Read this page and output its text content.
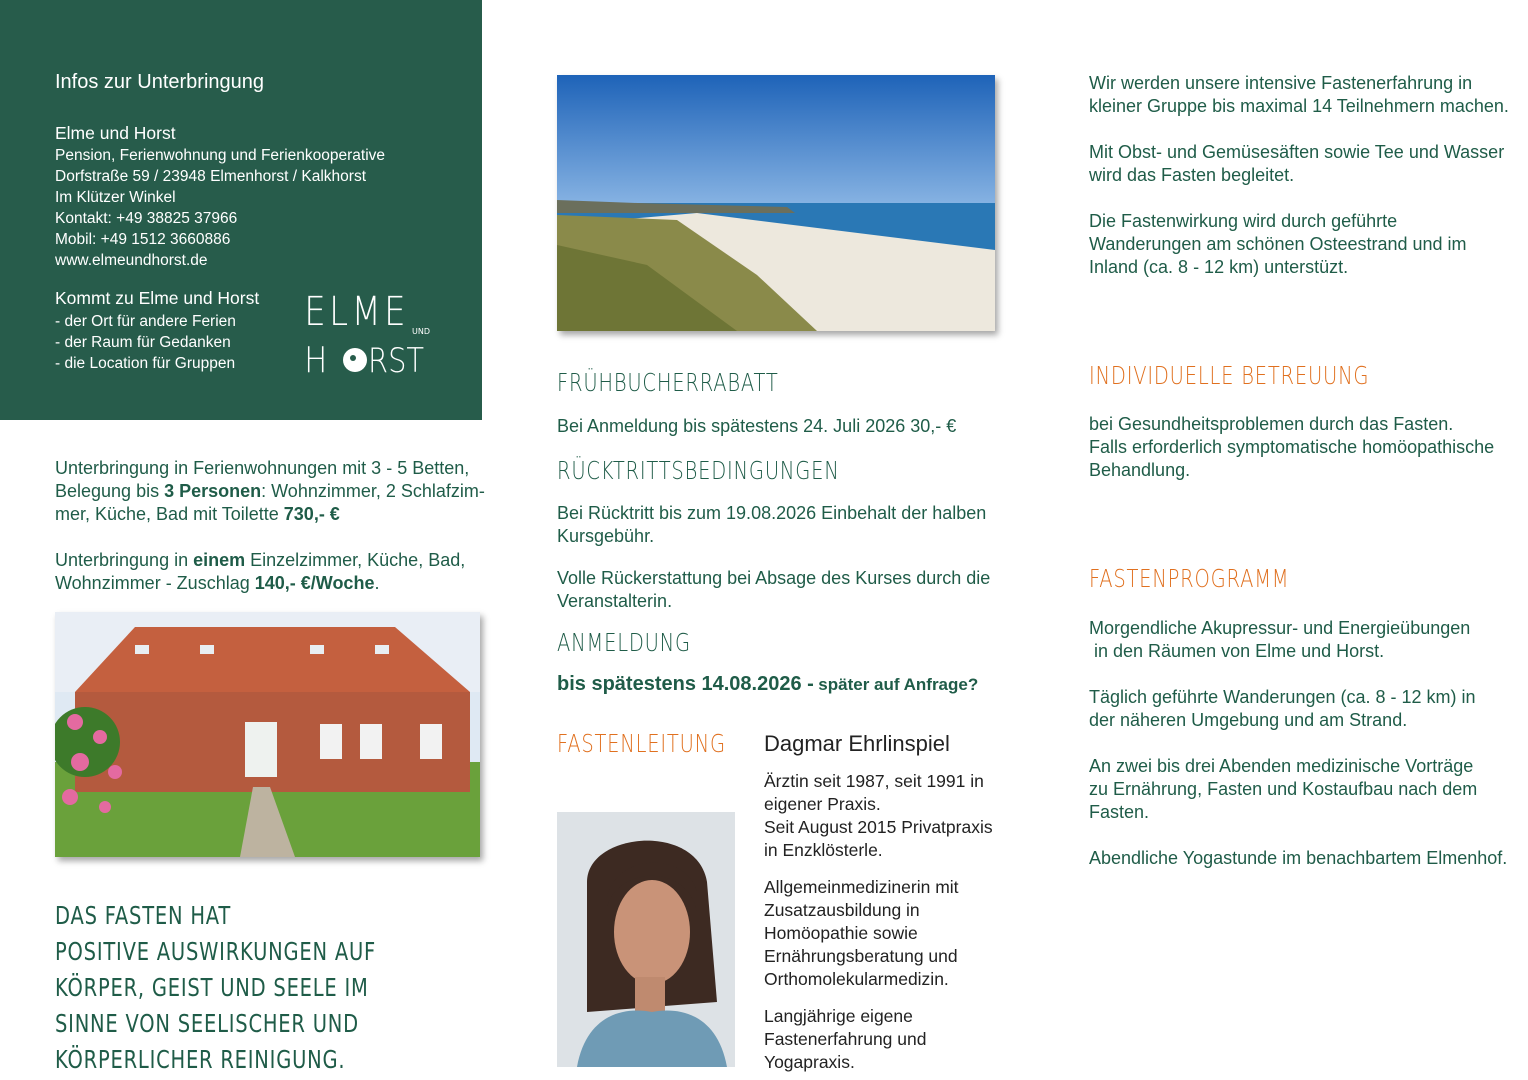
Infos zur Unterbringung
Elme und Horst
Pension, Ferienwohnung und Ferienkooperative
Dorfstraße 59 / 23948 Elmenhorst / Kalkhorst
Im Klützer Winkel
Kontakt: +49 38825 37966
Mobil: +49 1512 3660886
www.elmeundhorst.de
Kommt zu Elme und Horst
- der Ort für andere Ferien
- der Raum für Gedanken
- die Location für Gruppen
ELME UND
H RST
Unterbringung in Ferienwohnungen mit 3 - 5 Betten,
Belegung bis 3 Personen: Wohnzimmer, 2 Schlafzim-
mer, Küche, Bad mit Toilette 730,- €
Unterbringung in einem Einzelzimmer, Küche, Bad,
Wohnzimmer - Zuschlag 140,- €/Woche.
DAS FASTEN HAT
POSITIVE AUSWIRKUNGEN AUF
KÖRPER, GEIST UND SEELE IM
SINNE VON SEELISCHER UND
KÖRPERLICHER REINIGUNG.
FRÜHBUCHERRABATT
Bei Anmeldung bis spätestens 24. Juli 2026 30,- €
RÜCKTRITTSBEDINGUNGEN
Bei Rücktritt bis zum 19.08.2026 Einbehalt der halben
Kursgebühr.
Volle Rückerstattung bei Absage des Kurses durch die
Veranstalterin.
ANMELDUNG
bis spätestens 14.08.2026 - später auf Anfrage?
FASTENLEITUNG Dagmar Ehrlinspiel
Ärztin seit 1987, seit 1991 in
eigener Praxis.
Seit August 2015 Privatpraxis
in Enzklösterle.
Allgemeinmedizinerin mit
Zusatzausbildung in
Homöopathie sowie
Ernährungsberatung und
Orthomolekularmedizin.
Langjährige eigene
Fastenerfahrung und
Yogapraxis.
Wir werden unsere intensive Fastenerfahrung in
kleiner Gruppe bis maximal 14 Teilnehmern machen.
Mit Obst- und Gemüsesäften sowie Tee und Wasser
wird das Fasten begleitet.
Die Fastenwirkung wird durch geführte
Wanderungen am schönen Osteestrand und im
Inland (ca. 8 - 12 km) unterstüzt.
INDIVIDUELLE BETREUUNG
bei Gesundheitsproblemen durch das Fasten.
Falls erforderlich symptomatische homöopathische
Behandlung.
FASTENPROGRAMM
Morgendliche Akupressur- und Energieübungen
in den Räumen von Elme und Horst.
Täglich geführte Wanderungen (ca. 8 - 12 km) in
der näheren Umgebung und am Strand.
An zwei bis drei Abenden medizinische Vorträge
zu Ernährung, Fasten und Kostaufbau nach dem
Fasten.
Abendliche Yogastunde im benachbartem Elmenhof.
